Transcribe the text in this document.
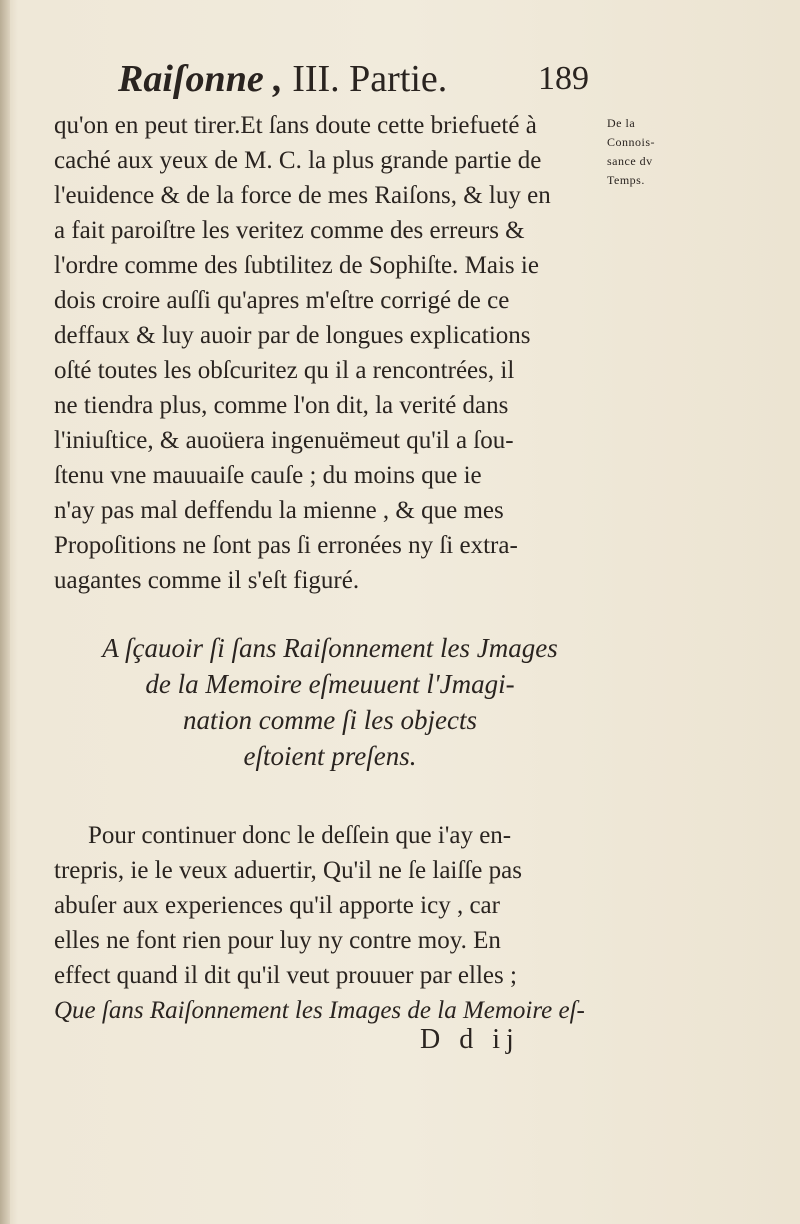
Raiſonne , III. Partie.	189
De la
Connois-
sance dv
Temps.
qu'on en peut tirer.Et ſans doute cette briefueté à
caché aux yeux de M. C. la plus grande partie de
l'euidence & de la force de mes Raiſons, & luy en
a fait paroiſtre les veritez comme des erreurs &
l'ordre comme des ſubtilitez de Sophiſte. Mais ie
dois croire auſſi qu'apres m'eſtre corrigé de ce
deffaux & luy auoir par de longues explications
oſté toutes les obſcuritez qu il a rencontrées, il
ne tiendra plus, comme l'on dit, la verité dans
l'iniuſtice, & auoüera ingenuëmeut qu'il a ſou-
ſtenu vne mauuaiſe cauſe ; du moins que ie
n'ay pas mal deffendu la mienne , & que mes
Propoſitions ne ſont pas ſi erronées ny ſi extra-
uagantes comme il s'eſt figuré.
A ſçauoir ſi ſans Raiſonnement les Jmages
de la Memoire eſmeuuent l'Jmagi-
nation comme ſi les objects
eſtoient preſens.
Pour continuer donc le deſſein que i'ay en-
trepris, ie le veux aduertir, Qu'il ne ſe laiſſe pas
abuſer aux experiences qu'il apporte icy , car
elles ne font rien pour luy ny contre moy. En
effect quand il dit qu'il veut prouuer par elles ;
Que ſans Raiſonnement les Images de la Memoire eſ-
D d ij
